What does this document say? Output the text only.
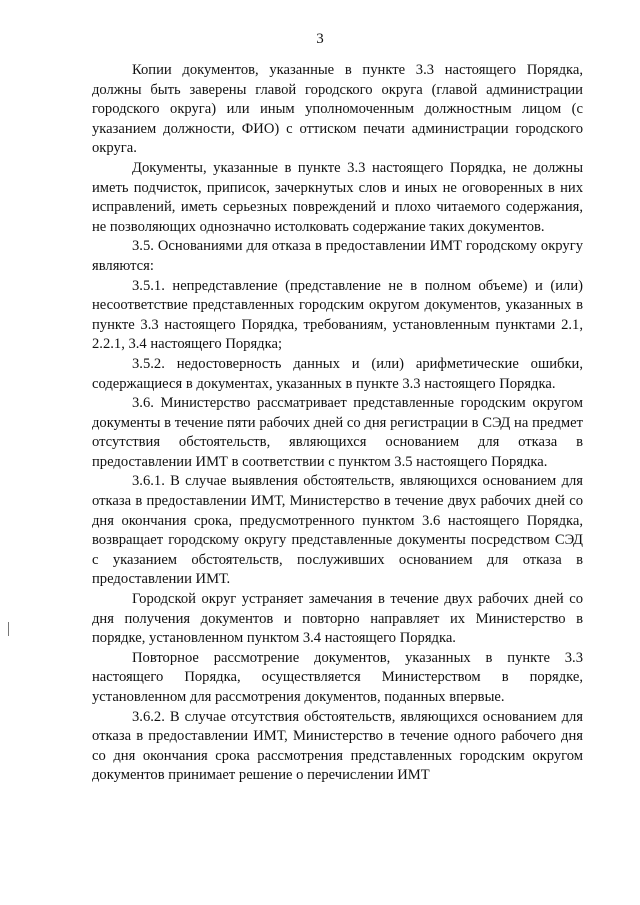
3

Копии документов, указанные в пункте 3.3 настоящего Порядка, должны быть заверены главой городского округа (главой администрации городского округа) или иным уполномоченным должностным лицом (с указанием должности, ФИО) с оттиском печати администрации городского округа.

Документы, указанные в пункте 3.3 настоящего Порядка, не должны иметь подчисток, приписок, зачеркнутых слов и иных не оговоренных в них исправлений, иметь серьезных повреждений и плохо читаемого содержания, не позволяющих однозначно истолковать содержание таких документов.

3.5. Основаниями для отказа в предоставлении ИМТ городскому округу являются:

3.5.1. непредставление (представление не в полном объеме) и (или) несоответствие представленных городским округом документов, указанных в пункте 3.3 настоящего Порядка, требованиям, установленным пунктами 2.1, 2.2.1, 3.4 настоящего Порядка;

3.5.2. недостоверность данных и (или) арифметические ошибки, содержащиеся в документах, указанных в пункте 3.3 настоящего Порядка.

3.6. Министерство рассматривает представленные городским округом документы в течение пяти рабочих дней со дня регистрации в СЭД на предмет отсутствия обстоятельств, являющихся основанием для отказа в предоставлении ИМТ в соответствии с пунктом 3.5 настоящего Порядка.

3.6.1. В случае выявления обстоятельств, являющихся основанием для отказа в предоставлении ИМТ, Министерство в течение двух рабочих дней со дня окончания срока, предусмотренного пунктом 3.6 настоящего Порядка, возвращает городскому округу представленные документы посредством СЭД с указанием обстоятельств, послуживших основанием для отказа в предоставлении ИМТ.

Городской округ устраняет замечания в течение двух рабочих дней со дня получения документов и повторно направляет их Министерство в порядке, установленном пунктом 3.4 настоящего Порядка.

Повторное рассмотрение документов, указанных в пункте 3.3 настоящего Порядка, осуществляется Министерством в порядке, установленном для рассмотрения документов, поданных впервые.

3.6.2. В случае отсутствия обстоятельств, являющихся основанием для отказа в предоставлении ИМТ, Министерство в течение одного рабочего дня со дня окончания срока рассмотрения представленных городским округом документов принимает решение о перечислении ИМТ
